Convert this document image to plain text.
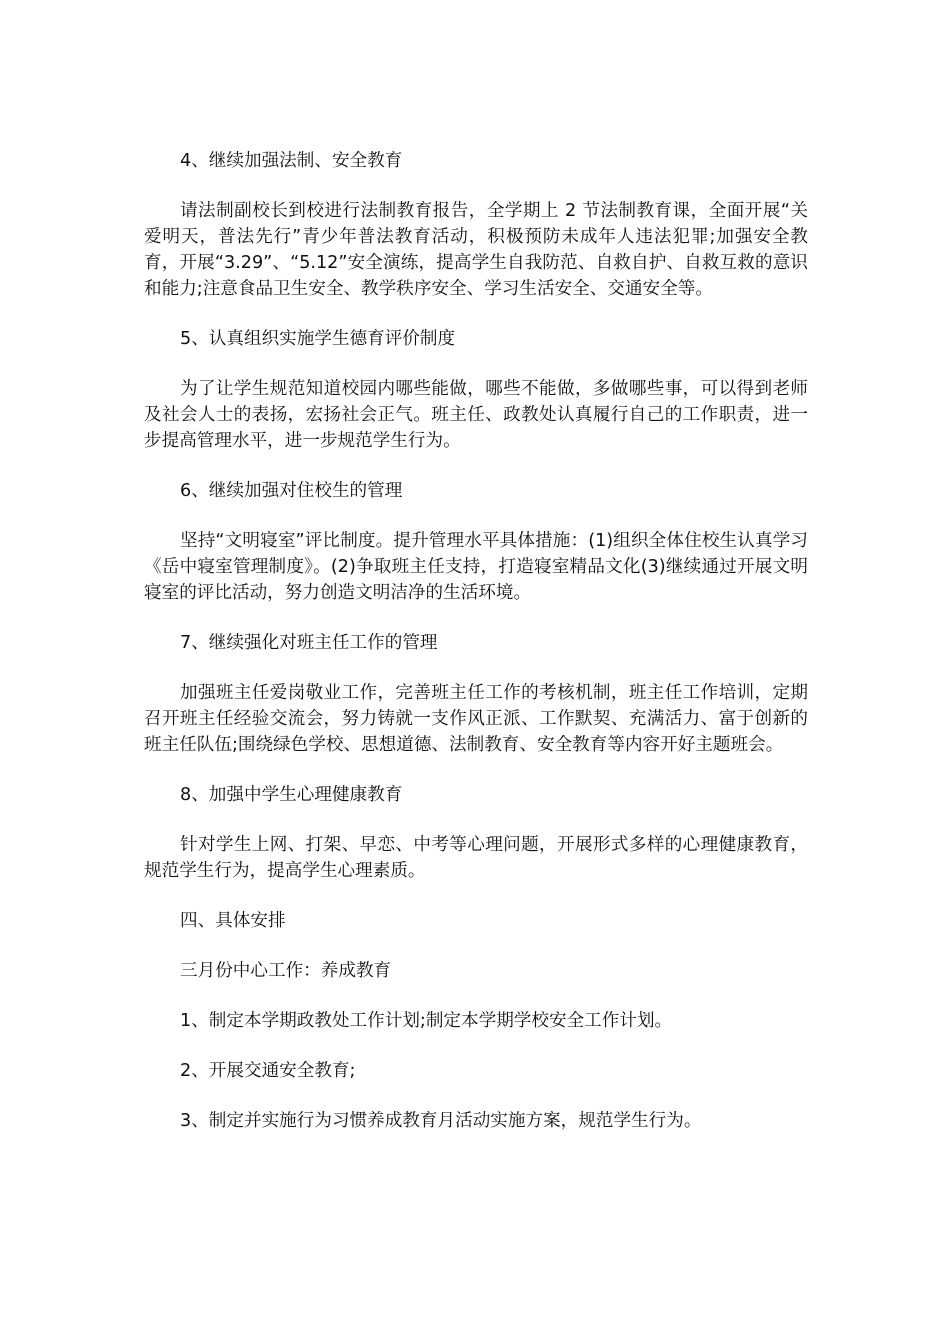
4、继续加强法制、安全教育
请法制副校长到校进行法制教育报告，全学期上 2 节法制教育课，全面开展“关爱明天，普法先行”青少年普法教育活动，积极预防未成年人违法犯罪;加强安全教育，开展“3.29”、“5.12”安全演练，提高学生自我防范、自救自护、自救互救的意识和能力;注意食品卫生安全、教学秩序安全、学习生活安全、交通安全等。
5、认真组织实施学生德育评价制度
为了让学生规范知道校园内哪些能做，哪些不能做，多做哪些事，可以得到老师及社会人士的表扬，宏扬社会正气。班主任、政教处认真履行自己的工作职责，进一步提高管理水平，进一步规范学生行为。
6、继续加强对住校生的管理
坚持“文明寝室”评比制度。提升管理水平具体措施：(1)组织全体住校生认真学习《岳中寝室管理制度》。(2)争取班主任支持，打造寝室精品文化(3)继续通过开展文明寝室的评比活动，努力创造文明洁净的生活环境。
7、继续强化对班主任工作的管理
加强班主任爱岗敬业工作，完善班主任工作的考核机制，班主任工作培训，定期召开班主任经验交流会，努力铸就一支作风正派、工作默契、充满活力、富于创新的班主任队伍;围绕绿色学校、思想道德、法制教育、安全教育等内容开好主题班会。
8、加强中学生心理健康教育
针对学生上网、打架、早恋、中考等心理问题，开展形式多样的心理健康教育，规范学生行为，提高学生心理素质。
四、具体安排
三月份中心工作：养成教育
1、制定本学期政教处工作计划;制定本学期学校安全工作计划。
2、开展交通安全教育;
3、制定并实施行为习惯养成教育月活动实施方案，规范学生行为。
